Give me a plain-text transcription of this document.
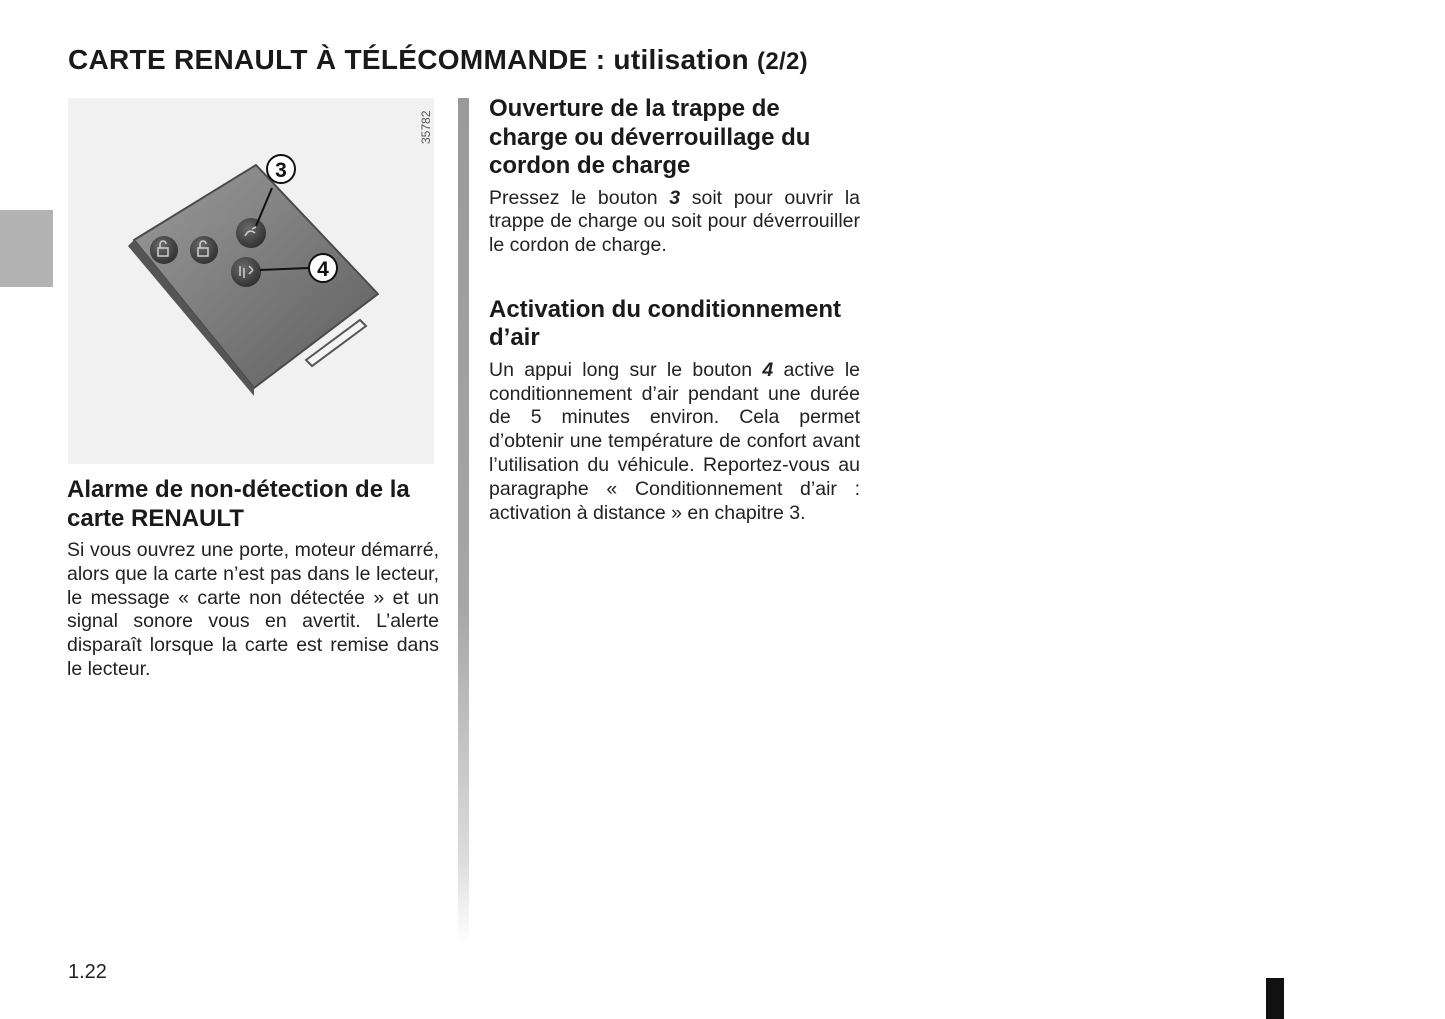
CARTE RENAULT À TÉLÉCOMMANDE : utilisation (2/2)
35782
3
4
Alarme de non-détection de la carte RENAULT

Si vous ouvrez une porte, moteur démarré, alors que la carte n’est pas dans le lecteur, le message « carte non détectée » et un signal sonore vous en avertit. L’alerte disparaît lorsque la carte est remise dans le lecteur.

Ouverture de la trappe de charge ou déverrouillage du cordon de charge

Pressez le bouton 3 soit pour ouvrir la trappe de charge ou soit pour déverrouiller le cordon de charge.

Activation du conditionnement d’air

Un appui long sur le bouton 4 active le conditionnement d’air pendant une durée de 5 minutes environ. Cela permet d’obtenir une température de confort avant l’utilisation du véhicule. Reportez-vous au paragraphe « Conditionnement d’air : activation à distance » en chapitre 3.

1.22
